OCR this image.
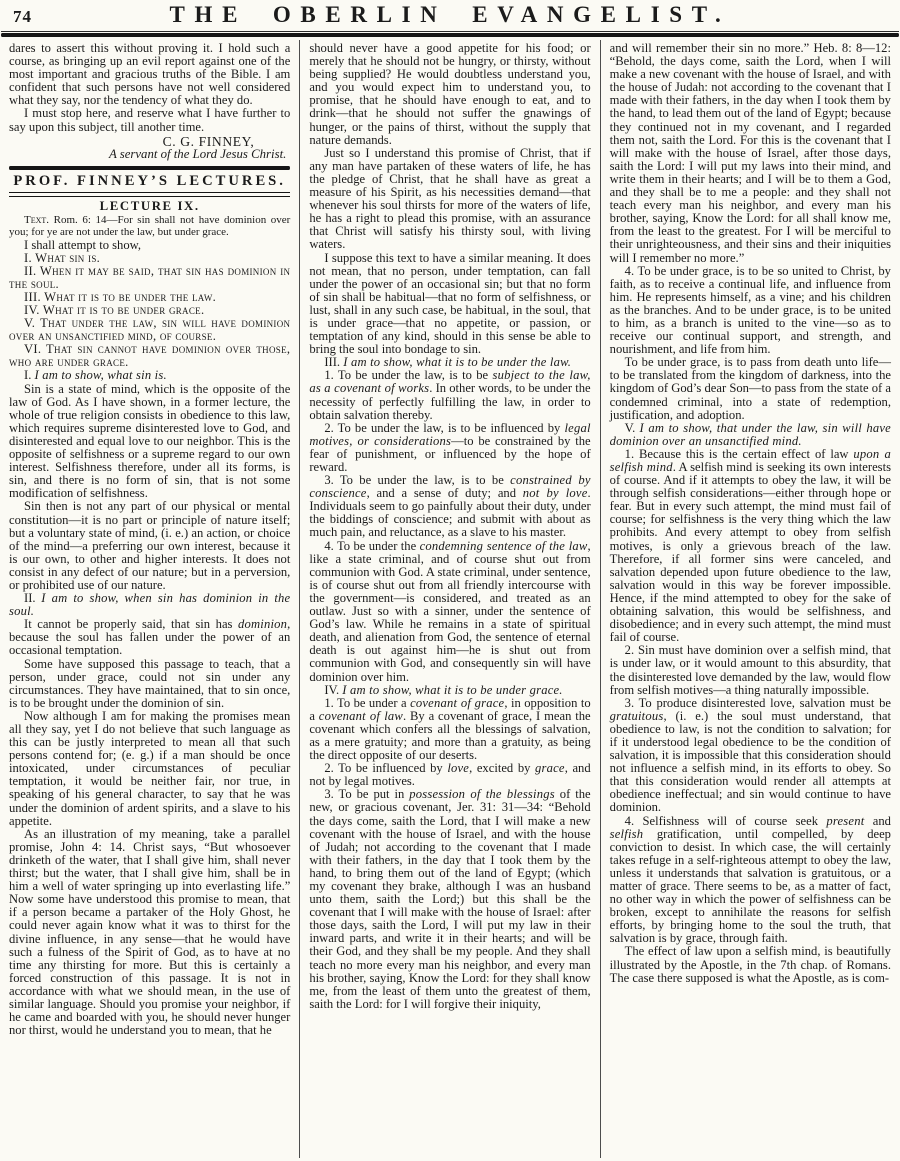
74	THE OBERLIN EVANGELIST.

dares to assert this without proving it. I hold such a course, as bringing up an evil report against one of the most important and gracious truths of the Bible. I am confident that such persons have not well considered what they say, nor the tendency of what they do.

I must stop here, and reserve what I have further to say upon this subject, till another time.

C. G. FINNEY,

A servant of the Lord Jesus Christ.

PROF. FINNEY’S LECTURES.

LECTURE IX.

Text. Rom. 6: 14—For sin shall not have dominion over you; for ye are not under the law, but under grace.

I shall attempt to show,

I. What sin is.

II. When it may be said, that sin has dominion in the soul.

III. What it is to be under the law.

IV. What it is to be under grace.

V. That under the law, sin will have dominion over an unsanctified mind, of course.

VI. That sin cannot have dominion over those, who are under grace.

I. I am to show, what sin is.

Sin is a state of mind, which is the opposite of the law of God. As I have shown, in a former lecture, the whole of true religion consists in obedience to this law, which requires supreme disinterested love to God, and disinterested and equal love to our neighbor. This is the opposite of selfishness or a supreme regard to our own interest. Selfishness therefore, under all its forms, is sin, and there is no form of sin, that is not some modification of selfishness.

Sin then is not any part of our physical or mental constitution—it is no part or principle of nature itself; but a voluntary state of mind, (i. e.) an action, or choice of the mind—a preferring our own interest, because it is our own, to other and higher interests. It does not consist in any defect of our nature; but in a perversion, or prohibited use of our nature.

II. I am to show, when sin has dominion in the soul.

It cannot be properly said, that sin has dominion, because the soul has fallen under the power of an occasional temptation.

Some have supposed this passage to teach, that a person, under grace, could not sin under any circumstances. They have maintained, that to sin once, is to be brought under the dominion of sin.

Now although I am for making the promises mean all they say, yet I do not believe that such language as this can be justly interpreted to mean all that such persons contend for; (e. g.) if a man should be once intoxicated, under circumstances of peculiar temptation, it would be neither fair, nor true, in speaking of his general character, to say that he was under the dominion of ardent spirits, and a slave to his appetite.

As an illustration of my meaning, take a parallel promise, John 4: 14. Christ says, “But whosoever drinketh of the water, that I shall give him, shall never thirst; but the water, that I shall give him, shall be in him a well of water springing up into everlasting life.” Now some have understood this promise to mean, that if a person became a partaker of the Holy Ghost, he could never again know what it was to thirst for the divine influence, in any sense—that he would have such a fulness of the Spirit of God, as to have at no time any thirsting for more. But this is certainly a forced construction of this passage. It is not in accordance with what we should mean, in the use of similar language. Should you promise your neighbor, if he came and boarded with you, he should never hunger nor thirst, would he understand you to mean, that he

should never have a good appetite for his food; or merely that he should not be hungry, or thirsty, without being supplied? He would doubtless understand you, and you would expect him to understand you, to promise, that he should have enough to eat, and to drink—that he should not suffer the gnawings of hunger, or the pains of thirst, without the supply that nature demands.

Just so I understand this promise of Christ, that if any man have partaken of these waters of life, he has the pledge of Christ, that he shall have as great a measure of his Spirit, as his necessities demand—that whenever his soul thirsts for more of the waters of life, he has a right to plead this promise, with an assurance that Christ will satisfy his thirsty soul, with living waters.

I suppose this text to have a similar meaning. It does not mean, that no person, under temptation, can fall under the power of an occasional sin; but that no form of sin shall be habitual—that no form of selfishness, or lust, shall in any such case, be habitual, in the soul, that is under grace—that no appetite, or passion, or temptation of any kind, should in this sense be able to bring the soul into bondage to sin.

III. I am to show, what it is to be under the law.

1. To be under the law, is to be subject to the law, as a covenant of works. In other words, to be under the necessity of perfectly fulfilling the law, in order to obtain salvation thereby.

2. To be under the law, is to be influenced by legal motives, or considerations—to be constrained by the fear of punishment, or influenced by the hope of reward.

3. To be under the law, is to be constrained by conscience, and a sense of duty; and not by love. Individuals seem to go painfully about their duty, under the biddings of conscience; and submit with about as much pain, and reluctance, as a slave to his master.

4. To be under the condemning sentence of the law, like a state criminal, and of course shut out from communion with God. A state criminal, under sentence, is of course shut out from all friendly intercourse with the government—is considered, and treated as an outlaw. Just so with a sinner, under the sentence of God’s law. While he remains in a state of spiritual death, and alienation from God, the sentence of eternal death is out against him—he is shut out from communion with God, and consequently sin will have dominion over him.

IV. I am to show, what it is to be under grace.

1. To be under a covenant of grace, in opposition to a covenant of law. By a covenant of grace, I mean the covenant which confers all the blessings of salvation, as a mere gratuity; and more than a gratuity, as being the direct opposite of our deserts.

2. To be influenced by love, excited by grace, and not by legal motives.

3. To be put in possession of the blessings of the new, or gracious covenant, Jer. 31: 31—34: “Behold the days come, saith the Lord, that I will make a new covenant with the house of Israel, and with the house of Judah; not according to the covenant that I made with their fathers, in the day that I took them by the hand, to bring them out of the land of Egypt; (which my covenant they brake, although I was an husband unto them, saith the Lord;) but this shall be the covenant that I will make with the house of Israel: after those days, saith the Lord, I will put my law in their inward parts, and write it in their hearts; and will be their God, and they shall be my people. And they shall teach no more every man his neighbor, and every man his brother, saying, Know the Lord: for they shall know me, from the least of them unto the greatest of them, saith the Lord: for I will forgive their iniquity,

and will remember their sin no more.” Heb. 8: 8—12: “Behold, the days come, saith the Lord, when I will make a new covenant with the house of Israel, and with the house of Judah: not according to the covenant that I made with their fathers, in the day when I took them by the hand, to lead them out of the land of Egypt; because they continued not in my covenant, and I regarded them not, saith the Lord. For this is the covenant that I will make with the house of Israel, after those days, saith the Lord: I will put my laws into their mind, and write them in their hearts; and I will be to them a God, and they shall be to me a people: and they shall not teach every man his neighbor, and every man his brother, saying, Know the Lord: for all shall know me, from the least to the greatest. For I will be merciful to their unrighteousness, and their sins and their iniquities will I remember no more.”

4. To be under grace, is to be so united to Christ, by faith, as to receive a continual life, and influence from him. He represents himself, as a vine; and his children as the branches. And to be under grace, is to be united to him, as a branch is united to the vine—so as to receive our continual support, and strength, and nourishment, and life from him.

To be under grace, is to pass from death unto life—to be translated from the kingdom of darkness, into the kingdom of God’s dear Son—to pass from the state of a condemned criminal, into a state of redemption, justification, and adoption.

V. I am to show, that under the law, sin will have dominion over an unsanctified mind.

1. Because this is the certain effect of law upon a selfish mind. A selfish mind is seeking its own interests of course. And if it attempts to obey the law, it will be through selfish considerations—either through hope or fear. But in every such attempt, the mind must fail of course; for selfishness is the very thing which the law prohibits. And every attempt to obey from selfish motives, is only a grievous breach of the law. Therefore, if all former sins were canceled, and salvation depended upon future obedience to the law, salvation would in this way be forever impossible. Hence, if the mind attempted to obey for the sake of obtaining salvation, this would be selfishness, and disobedience; and in every such attempt, the mind must fail of course.

2. Sin must have dominion over a selfish mind, that is under law, or it would amount to this absurdity, that the disinterested love demanded by the law, would flow from selfish motives—a thing naturally impossible.

3. To produce disinterested love, salvation must be gratuitous, (i. e.) the soul must understand, that obedience to law, is not the condition to salvation; for if it understood legal obedience to be the condition of salvation, it is impossible that this consideration should not influence a selfish mind, in its efforts to obey. So that this consideration would render all attempts at obedience ineffectual; and sin would continue to have dominion.

4. Selfishness will of course seek present and selfish gratification, until compelled, by deep conviction to desist. In which case, the will certainly takes refuge in a self-righteous attempt to obey the law, unless it understands that salvation is gratuitous, or a matter of grace. There seems to be, as a matter of fact, no other way in which the power of selfishness can be broken, except to annihilate the reasons for selfish efforts, by bringing home to the soul the truth, that salvation is by grace, through faith.

The effect of law upon a selfish mind, is beautifully illustrated by the Apostle, in the 7th chap. of Romans. The case there supposed is what the Apostle, as is com-
